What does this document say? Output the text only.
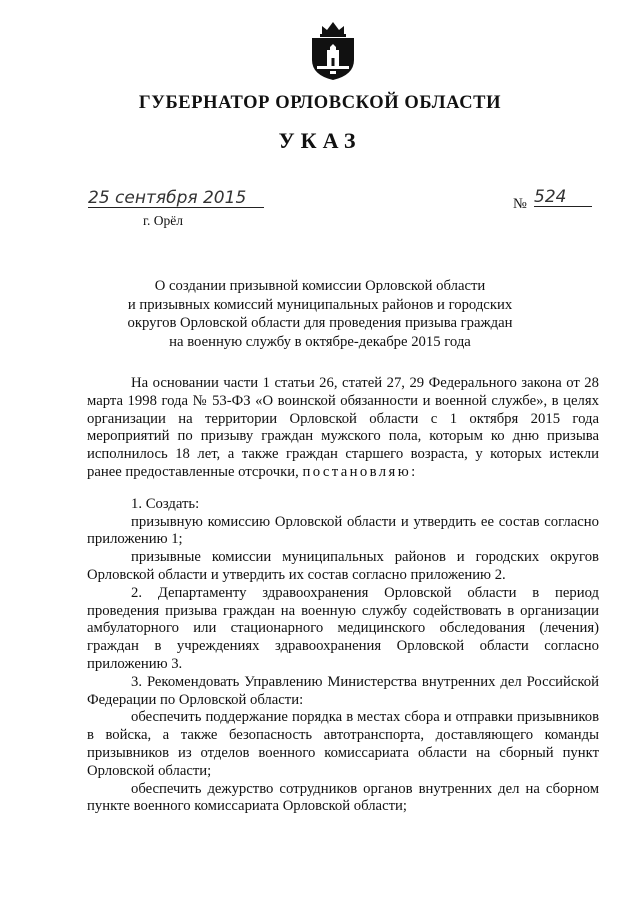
ГУБЕРНАТОР ОРЛОВСКОЙ ОБЛАСТИ
УКАЗ
25 сентября 2015
г. Орёл
№ 524
О создании призывной комиссии Орловской области
и призывных комиссий муниципальных районов и городских
округов Орловской области для проведения призыва граждан
на военную службу в октябре-декабре 2015 года

На основании части 1 статьи 26, статей 27, 29 Федерального закона от 28 марта 1998 года № 53-ФЗ «О воинской обязанности и военной службе», в целях организации на территории Орловской области с 1 октября 2015 года мероприятий по призыву граждан мужского пола, которым ко дню призыва исполнилось 18 лет, а также граждан старшего возраста, у которых истекли ранее предоставленные отсрочки, постановляю:

1. Создать:

призывную комиссию Орловской области и утвердить ее состав согласно приложению 1;

призывные комиссии муниципальных районов и городских округов Орловской области и утвердить их состав согласно приложению 2.

2. Департаменту здравоохранения Орловской области в период проведения призыва граждан на военную службу содействовать в организации амбулаторного или стационарного медицинского обследования (лечения) граждан в учреждениях здравоохранения Орловской области согласно приложению 3.

3. Рекомендовать Управлению Министерства внутренних дел Российской Федерации по Орловской области:

обеспечить поддержание порядка в местах сбора и отправки призывников в войска, а также безопасность автотранспорта, доставляющего команды призывников из отделов военного комиссариата области на сборный пункт Орловской области;

обеспечить дежурство сотрудников органов внутренних дел на сборном пункте военного комиссариата Орловской области;
